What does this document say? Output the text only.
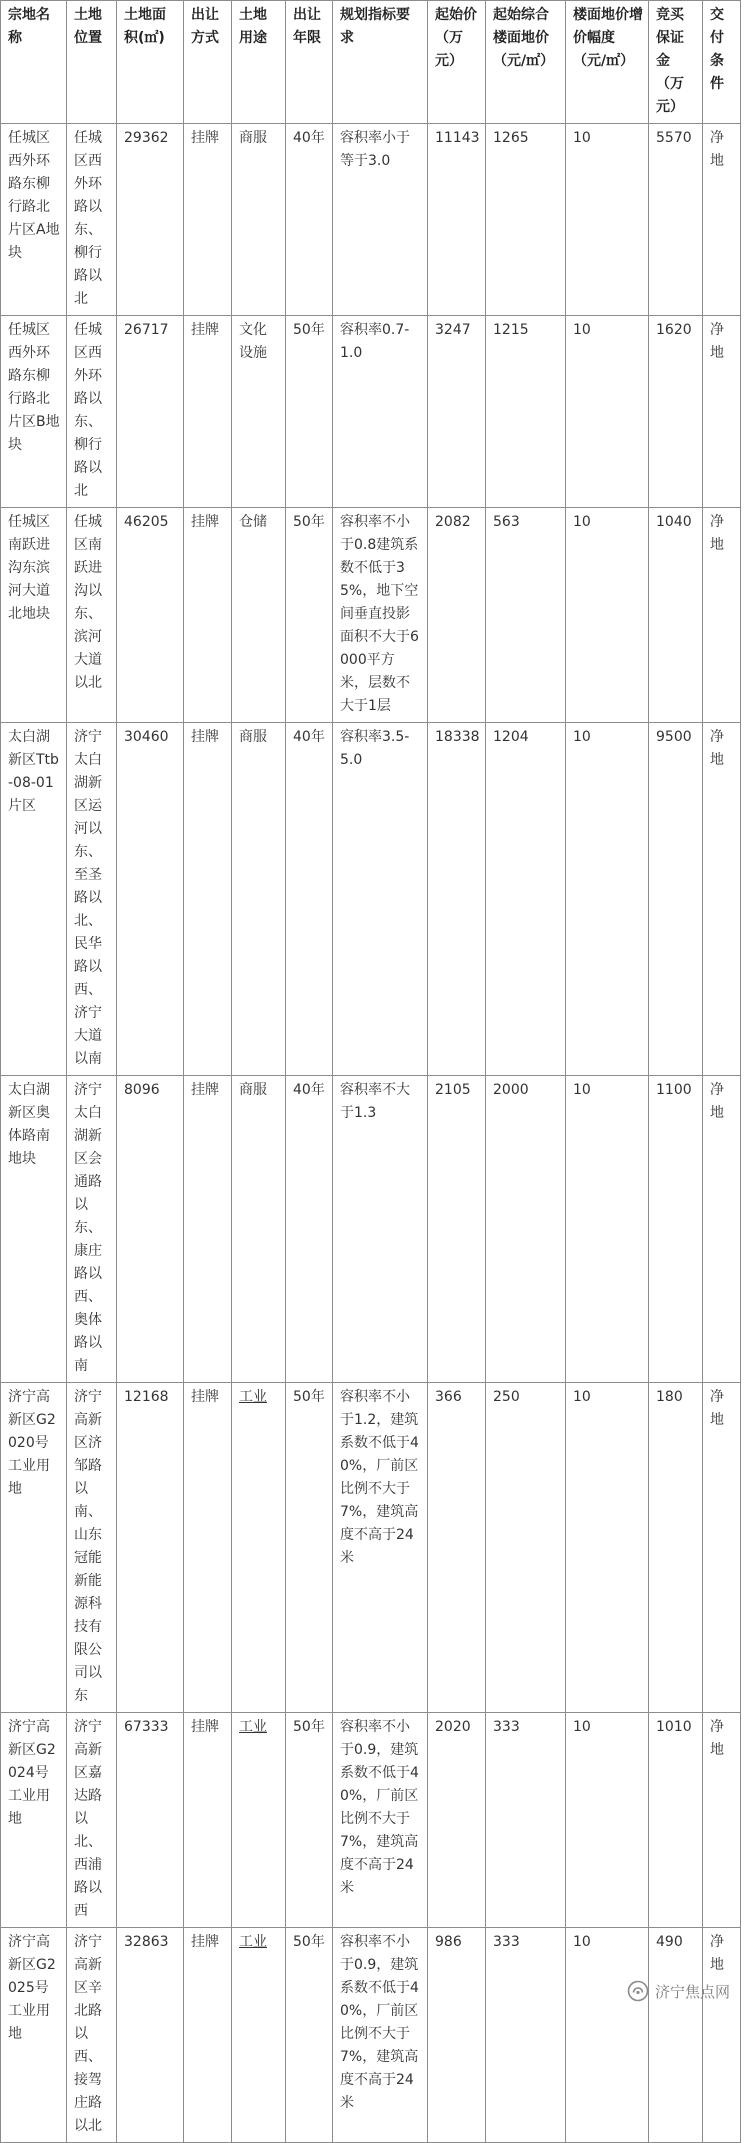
宗地名称	土地位置	土地面积(㎡)	出让方式	土地用途	出让年限	规划指标要求	起始价（万元）	起始综合楼面地价（元/㎡）	楼面地价增价幅度（元/㎡）	竞买保证金（万元）	交付条件
任城区西外环路东柳行路北片区A地块	任城区西外环路以东、柳行路以北	29362	挂牌	商服	40年	容积率小于等于3.0	11143	1265	10	5570	净地
任城区西外环路东柳行路北片区B地块	任城区西外环路以东、柳行路以北	26717	挂牌	文化设施	50年	容积率0.7-1.0	3247	1215	10	1620	净地
任城区南跃进沟东滨河大道北地块	任城区南跃进沟以东、滨河大道以北	46205	挂牌	仓储	50年	容积率不小于0.8建筑系数不低于35%，地下空间垂直投影面积不大于6000平方米，层数不大于1层	2082	563	10	1040	净地
太白湖新区Ttb-08-01片区	济宁太白湖新区运河以东、至圣路以北、民华路以西、济宁大道以南	30460	挂牌	商服	40年	容积率3.5-5.0	18338	1204	10	9500	净地
太白湖新区奥体路南地块	济宁太白湖新区会通路以东、康庄路以西、奥体路以南	8096	挂牌	商服	40年	容积率不大于1.3	2105	2000	10	1100	净地
济宁高新区G2020号工业用地	济宁高新区济邹路以南、山东冠能新能源科技有限公司以东	12168	挂牌	工业	50年	容积率不小于1.2，建筑系数不低于40%，厂前区比例不大于7%，建筑高度不高于24米	366	250	10	180	净地
济宁高新区G2024号工业用地	济宁高新区嘉达路以北、西浦路以西	67333	挂牌	工业	50年	容积率不小于0.9，建筑系数不低于40%，厂前区比例不大于7%，建筑高度不高于24米	2020	333	10	1010	净地
济宁高新区G2025号工业用地	济宁高新区辛北路以西、接驾庄路以北	32863	挂牌	工业	50年	容积率不小于0.9，建筑系数不低于40%，厂前区比例不大于7%，建筑高度不高于24米	986	333	10	490	净地
济宁焦点网
